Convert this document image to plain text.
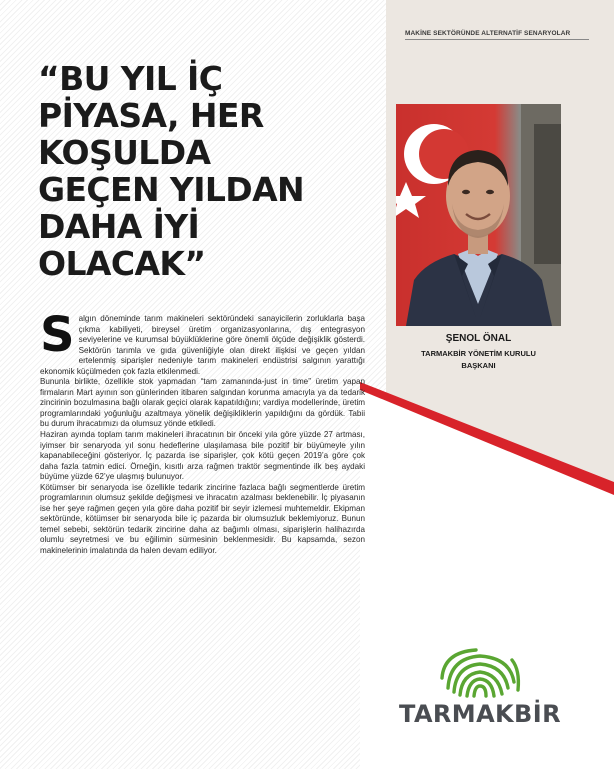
MAKİNE SEKTÖRÜNDE ALTERNATİF SENARYOLAR
“BU YIL İÇ
PİYASA, HER
KOŞULDA
GEÇEN YILDAN
DAHA İYİ
OLACAK”
ŞENOL ÖNAL
TARMAKBİR YÖNETİM KURULU
BAŞKANI

Salgın döneminde tarım makineleri sektöründeki sanayicilerin zorluklarla başa çıkma kabiliyeti, bireysel üretim organizasyonlarına, dış entegrasyon seviyelerine ve kurumsal büyüklüklerine göre önemli ölçüde değişiklik gösterdi. Sektörün tarımla ve gıda güvenliğiyle olan direkt ilişkisi ve geçen yıldan ertelenmiş siparişler nedeniyle tarım makineleri endüstrisi salgının yarattığı ekonomik küçülmeden çok fazla etkilenmedi.

Bununla birlikte, özellikle stok yapmadan “tam zamanında-just in time” üretim yapan firmaların Mart ayının son günlerinden itibaren salgından korunma amacıyla ya da tedarik zincirinin bozulmasına bağlı olarak geçici olarak kapatıldığını; vardiya modellerinde, üretim programlarındaki yoğunluğu azaltmaya yönelik değişikliklerin yapıldığını da gördük. Tabii bu durum ihracatımızı da olumsuz yönde etkiledi.

Haziran ayında toplam tarım makineleri ihracatının bir önceki yıla göre yüzde 27 artması, iyimser bir senaryoda yıl sonu hedeflerine ulaşılamasa bile pozitif bir büyümeyle yılın kapanabileceğini gösteriyor. İç pazarda ise siparişler, çok kötü geçen 2019’a göre çok daha fazla tatmin edici. Örneğin, kısıtlı arza rağmen traktör segmentinde ilk beş aydaki büyüme yüzde 62’ye ulaşmış bulunuyor.

Kötümser bir senaryoda ise özellikle tedarik zincirine fazlaca bağlı segmentlerde üretim programlarının olumsuz şekilde değişmesi ve ihracatın azalması beklenebilir. İç piyasanın ise her şeye rağmen geçen yıla göre daha pozitif bir seyir izlemesi muhtemeldir. Ekipman sektöründe, kötümser bir senaryoda bile iç pazarda bir olumsuzluk beklemiyoruz. Bunun temel sebebi, sektörün tedarik zincirine daha az bağımlı olması, siparişlerin halihazırda olumlu seyretmesi ve bu eğilimin sürmesinin beklenmesidir. Bu kapsamda, sezon makinelerinin imalatında da halen devam ediliyor.

TARMAKBİR
